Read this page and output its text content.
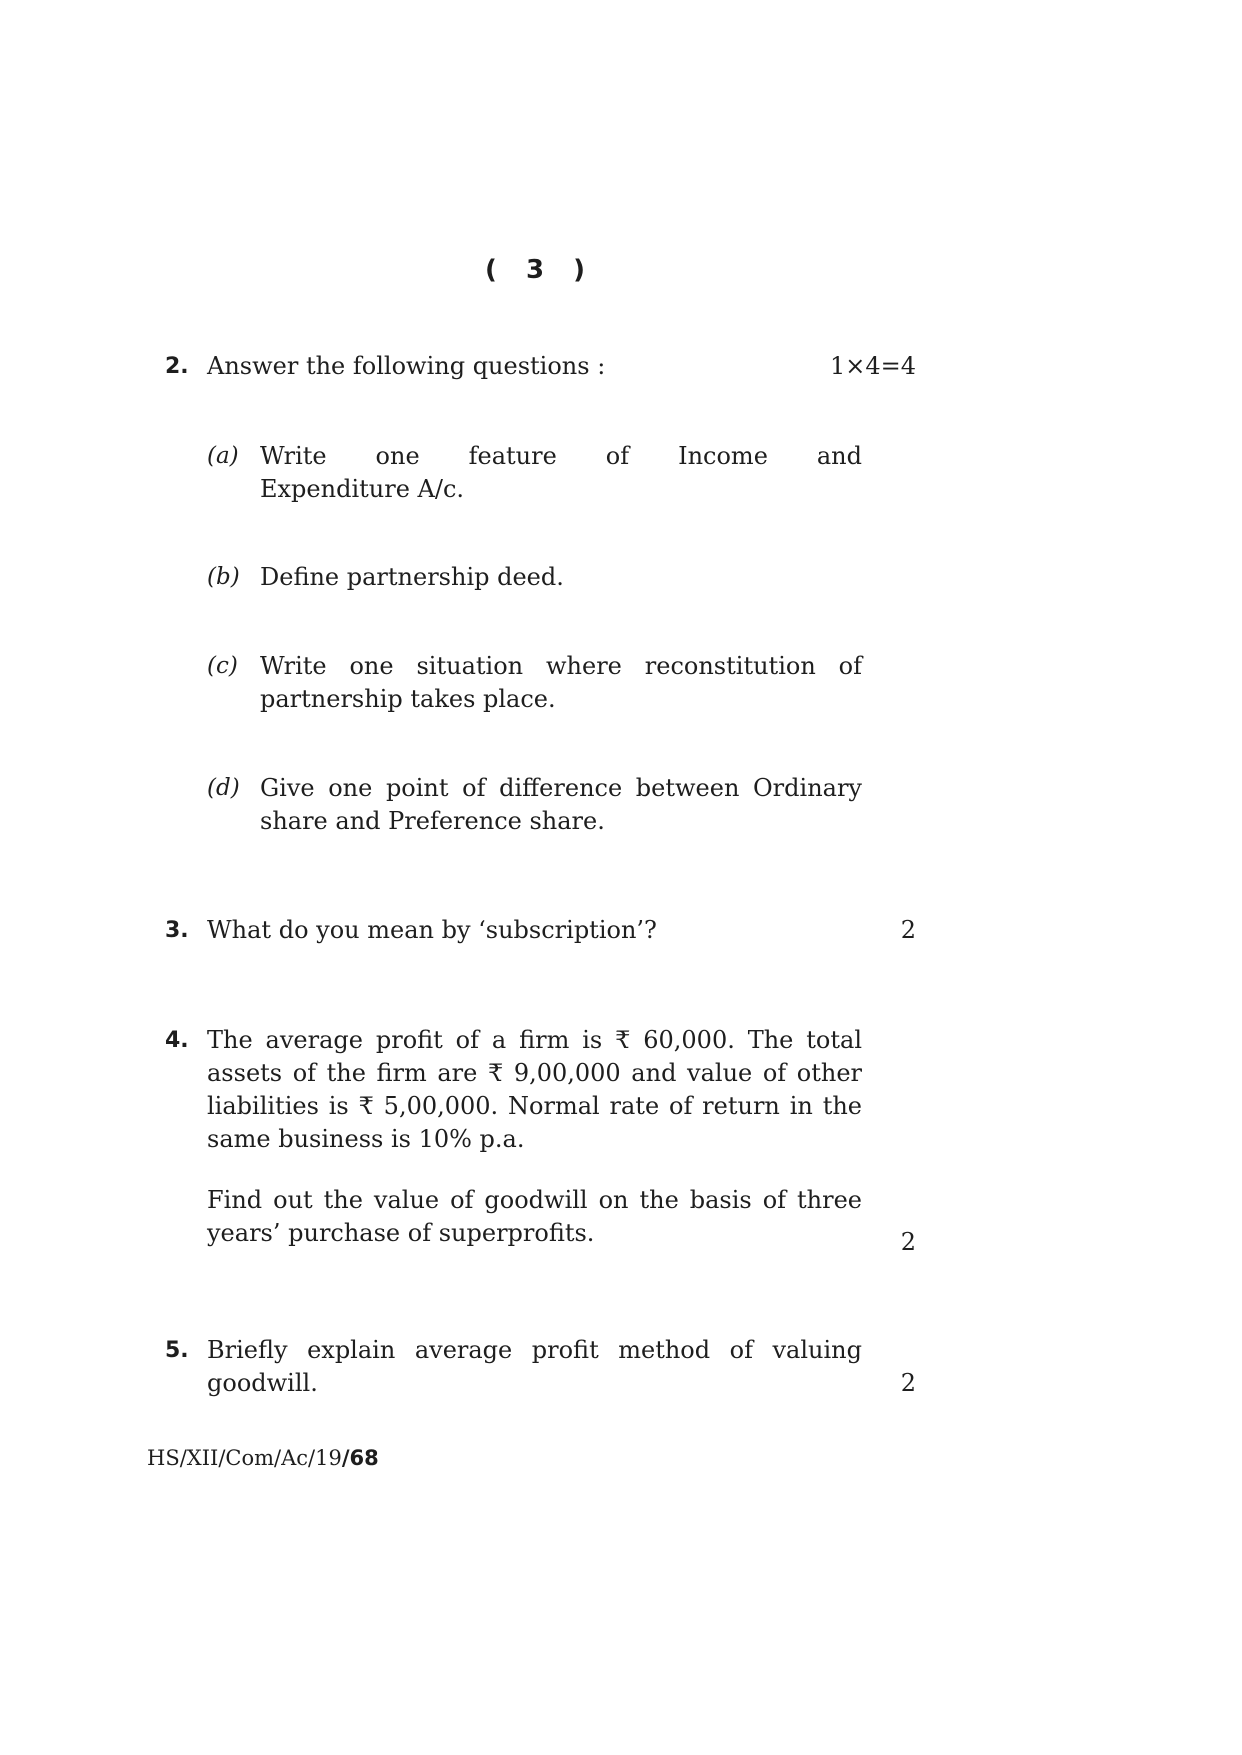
( 3 )
2. Answer the following questions :	1×4=4
(a) Write one feature of Income and
Expenditure A/c.
(b) Define partnership deed.
(c) Write one situation where reconstitution of
partnership takes place.
(d) Give one point of difference between Ordinary
share and Preference share.
3. What do you mean by ‘subscription’?	2
4. The average profit of a firm is ₹ 60,000. The total
assets of the firm are ₹ 9,00,000 and value of other
liabilities is ₹ 5,00,000. Normal rate of return in the
same business is 10% p.a.
Find out the value of goodwill on the basis of three
years’ purchase of superprofits.	2
5. Briefly explain average profit method of valuing
goodwill.	2
HS/XII/Com/Ac/19/68
